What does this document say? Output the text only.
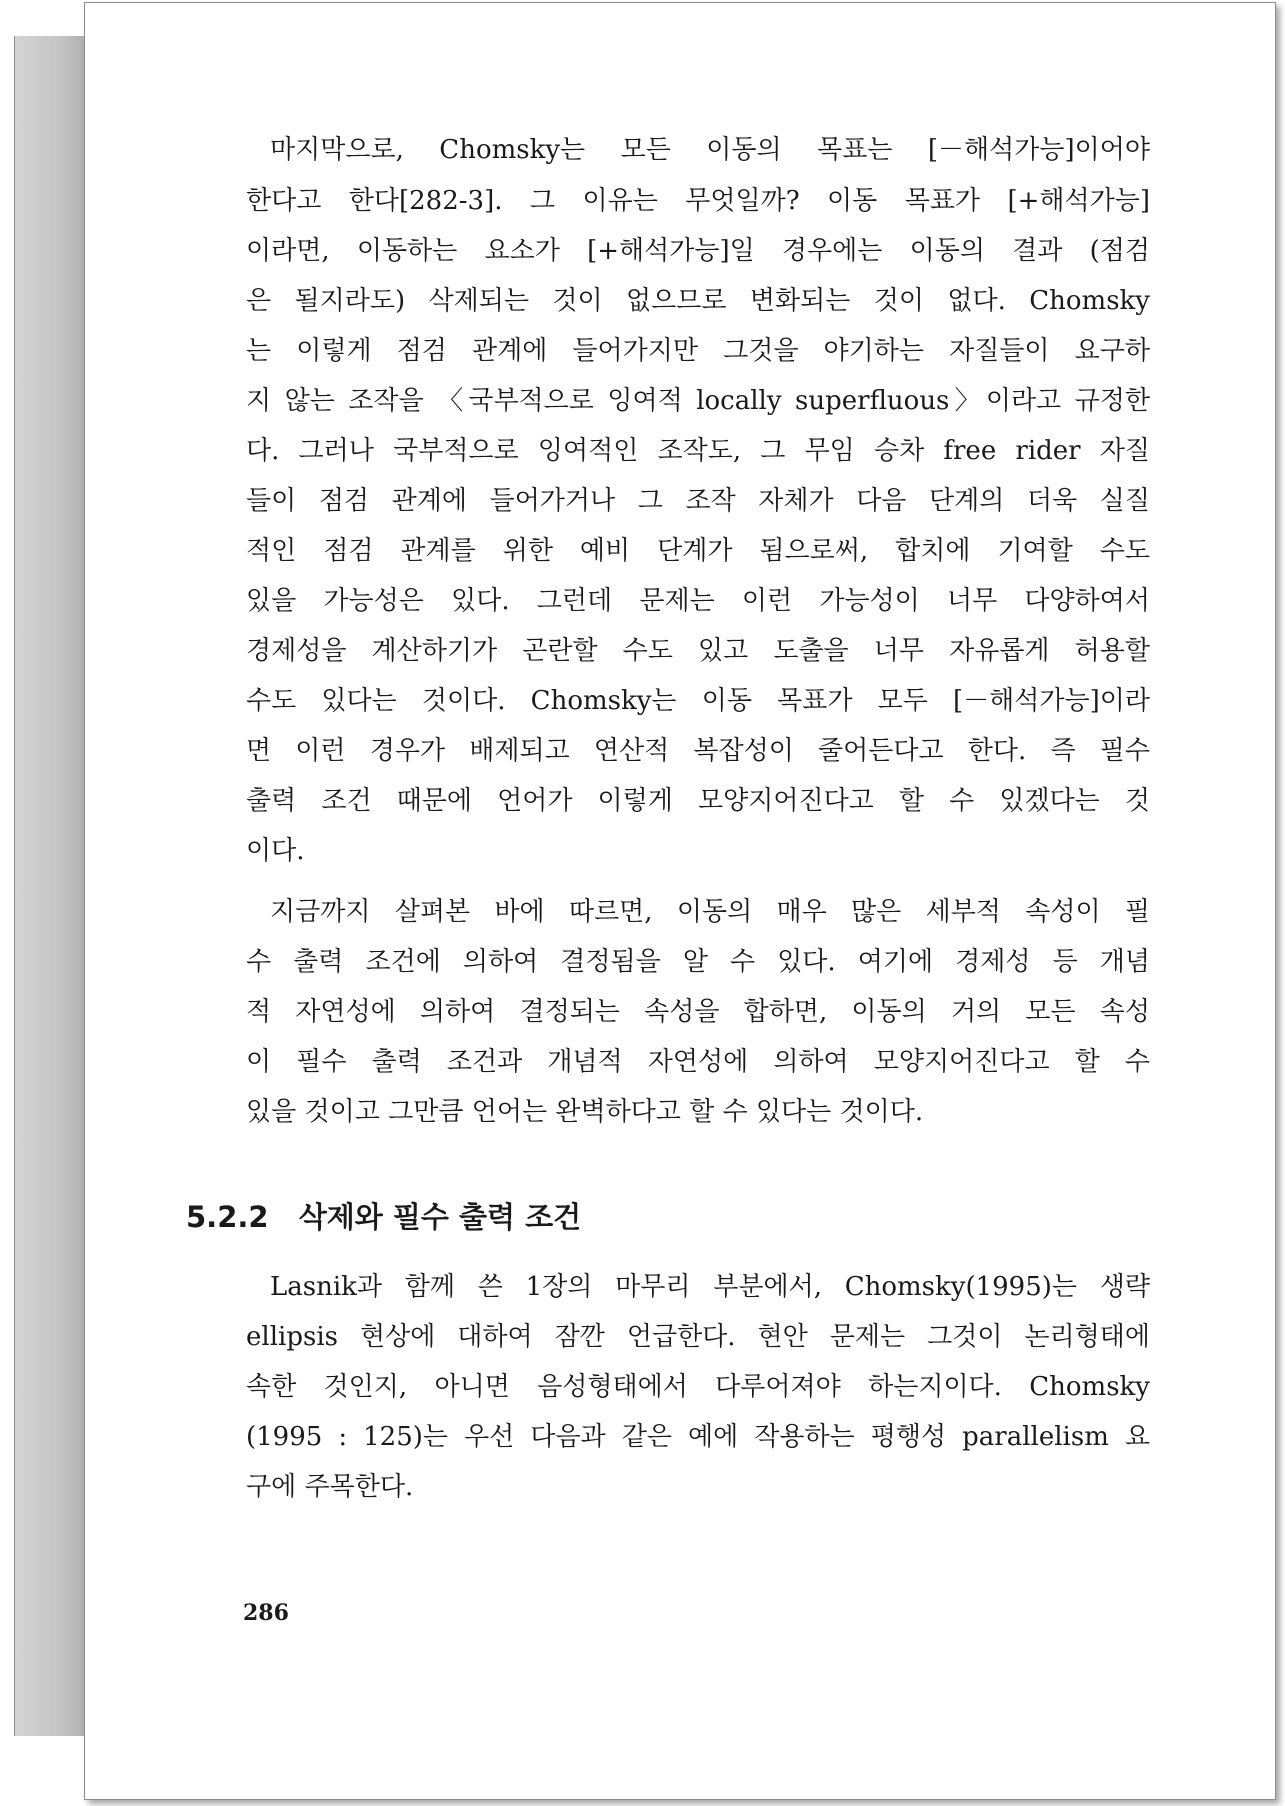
마지막으로, Chomsky는 모든 이동의 목표는 [－해석가능]이어야
한다고 한다[282-3]. 그 이유는 무엇일까? 이동 목표가 [+해석가능]
이라면, 이동하는 요소가 [+해석가능]일 경우에는 이동의 결과 (점검
은 될지라도) 삭제되는 것이 없으므로 변화되는 것이 없다. Chomsky
는 이렇게 점검 관계에 들어가지만 그것을 야기하는 자질들이 요구하
지 않는 조작을 〈국부적으로 잉여적 locally superfluous〉이라고 규정한
다. 그러나 국부적으로 잉여적인 조작도, 그 무임 승차 free rider 자질
들이 점검 관계에 들어가거나 그 조작 자체가 다음 단계의 더욱 실질
적인 점검 관계를 위한 예비 단계가 됨으로써, 합치에 기여할 수도
있을 가능성은 있다. 그런데 문제는 이런 가능성이 너무 다양하여서
경제성을 계산하기가 곤란할 수도 있고 도출을 너무 자유롭게 허용할
수도 있다는 것이다. Chomsky는 이동 목표가 모두 [－해석가능]이라
면 이런 경우가 배제되고 연산적 복잡성이 줄어든다고 한다. 즉 필수
출력 조건 때문에 언어가 이렇게 모양지어진다고 할 수 있겠다는 것
이다.
지금까지 살펴본 바에 따르면, 이동의 매우 많은 세부적 속성이 필
수 출력 조건에 의하여 결정됨을 알 수 있다. 여기에 경제성 등 개념
적 자연성에 의하여 결정되는 속성을 합하면, 이동의 거의 모든 속성
이 필수 출력 조건과 개념적 자연성에 의하여 모양지어진다고 할 수
있을 것이고 그만큼 언어는 완벽하다고 할 수 있다는 것이다.
5.2.2 삭제와 필수 출력 조건
Lasnik과 함께 쓴 1장의 마무리 부분에서, Chomsky(1995)는 생략
ellipsis 현상에 대하여 잠깐 언급한다. 현안 문제는 그것이 논리형태에
속한 것인지, 아니면 음성형태에서 다루어져야 하는지이다. Chomsky
(1995 : 125)는 우선 다음과 같은 예에 작용하는 평행성 parallelism 요
구에 주목한다.
286
